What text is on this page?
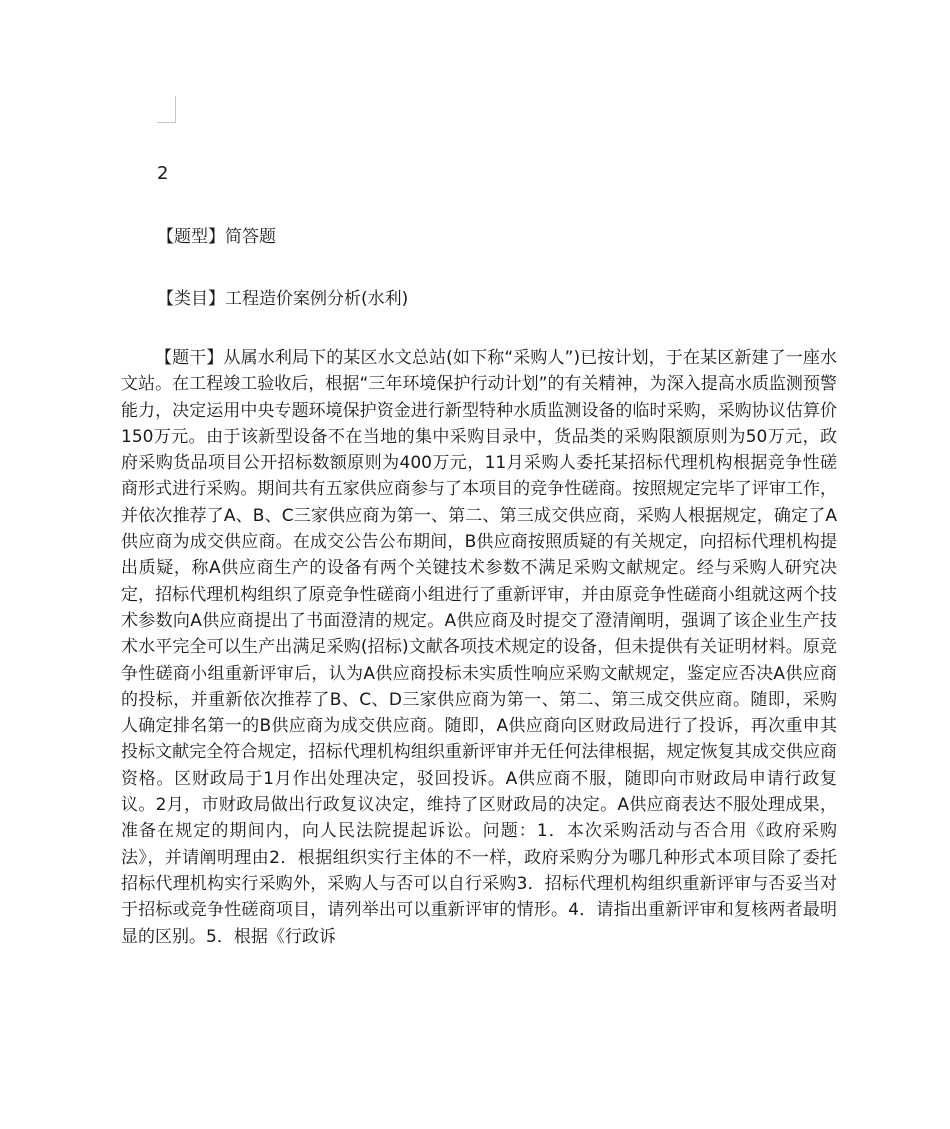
2
【题型】简答题
【类目】工程造价案例分析(水利)
【题干】从属水利局下的某区水文总站(如下称“采购人”)已按计划，于在某区新建了一座水文站。在工程竣工验收后，根据“三年环境保护行动计划”的有关精神，为深入提高水质监测预警能力，决定运用中央专题环境保护资金进行新型特种水质监测设备的临时采购，采购协议估算价150万元。由于该新型设备不在当地的集中采购目录中，货品类的采购限额原则为50万元，政府采购货品项目公开招标数额原则为400万元，11月采购人委托某招标代理机构根据竞争性磋商形式进行采购。期间共有五家供应商参与了本项目的竞争性磋商。按照规定完毕了评审工作，并依次推荐了A、B、C三家供应商为第一、第二、第三成交供应商，采购人根据规定，确定了A供应商为成交供应商。在成交公告公布期间，B供应商按照质疑的有关规定，向招标代理机构提出质疑，称A供应商生产的设备有两个关键技术参数不满足采购文献规定。经与采购人研究决定，招标代理机构组织了原竞争性磋商小组进行了重新评审，并由原竞争性磋商小组就这两个技术参数向A供应商提出了书面澄清的规定。A供应商及时提交了澄清阐明，强调了该企业生产技术水平完全可以生产出满足采购(招标)文献各项技术规定的设备，但未提供有关证明材料。原竞争性磋商小组重新评审后，认为A供应商投标未实质性响应采购文献规定，鉴定应否决A供应商的投标，并重新依次推荐了B、C、D三家供应商为第一、第二、第三成交供应商。随即，采购人确定排名第一的B供应商为成交供应商。随即，A供应商向区财政局进行了投诉，再次重申其投标文献完全符合规定，招标代理机构组织重新评审并无任何法律根据，规定恢复其成交供应商资格。区财政局于1月作出处理决定，驳回投诉。A供应商不服，随即向市财政局申请行政复议。2月，市财政局做出行政复议决定，维持了区财政局的决定。A供应商表达不服处理成果，准备在规定的期间内，向人民法院提起诉讼。问题：1．本次采购活动与否合用《政府采购法》，并请阐明理由2．根据组织实行主体的不一样，政府采购分为哪几种形式本项目除了委托招标代理机构实行采购外，采购人与否可以自行采购3．招标代理机构组织重新评审与否妥当对于招标或竞争性磋商项目，请列举出可以重新评审的情形。4．请指出重新评审和复核两者最明显的区别。5．根据《行政诉
